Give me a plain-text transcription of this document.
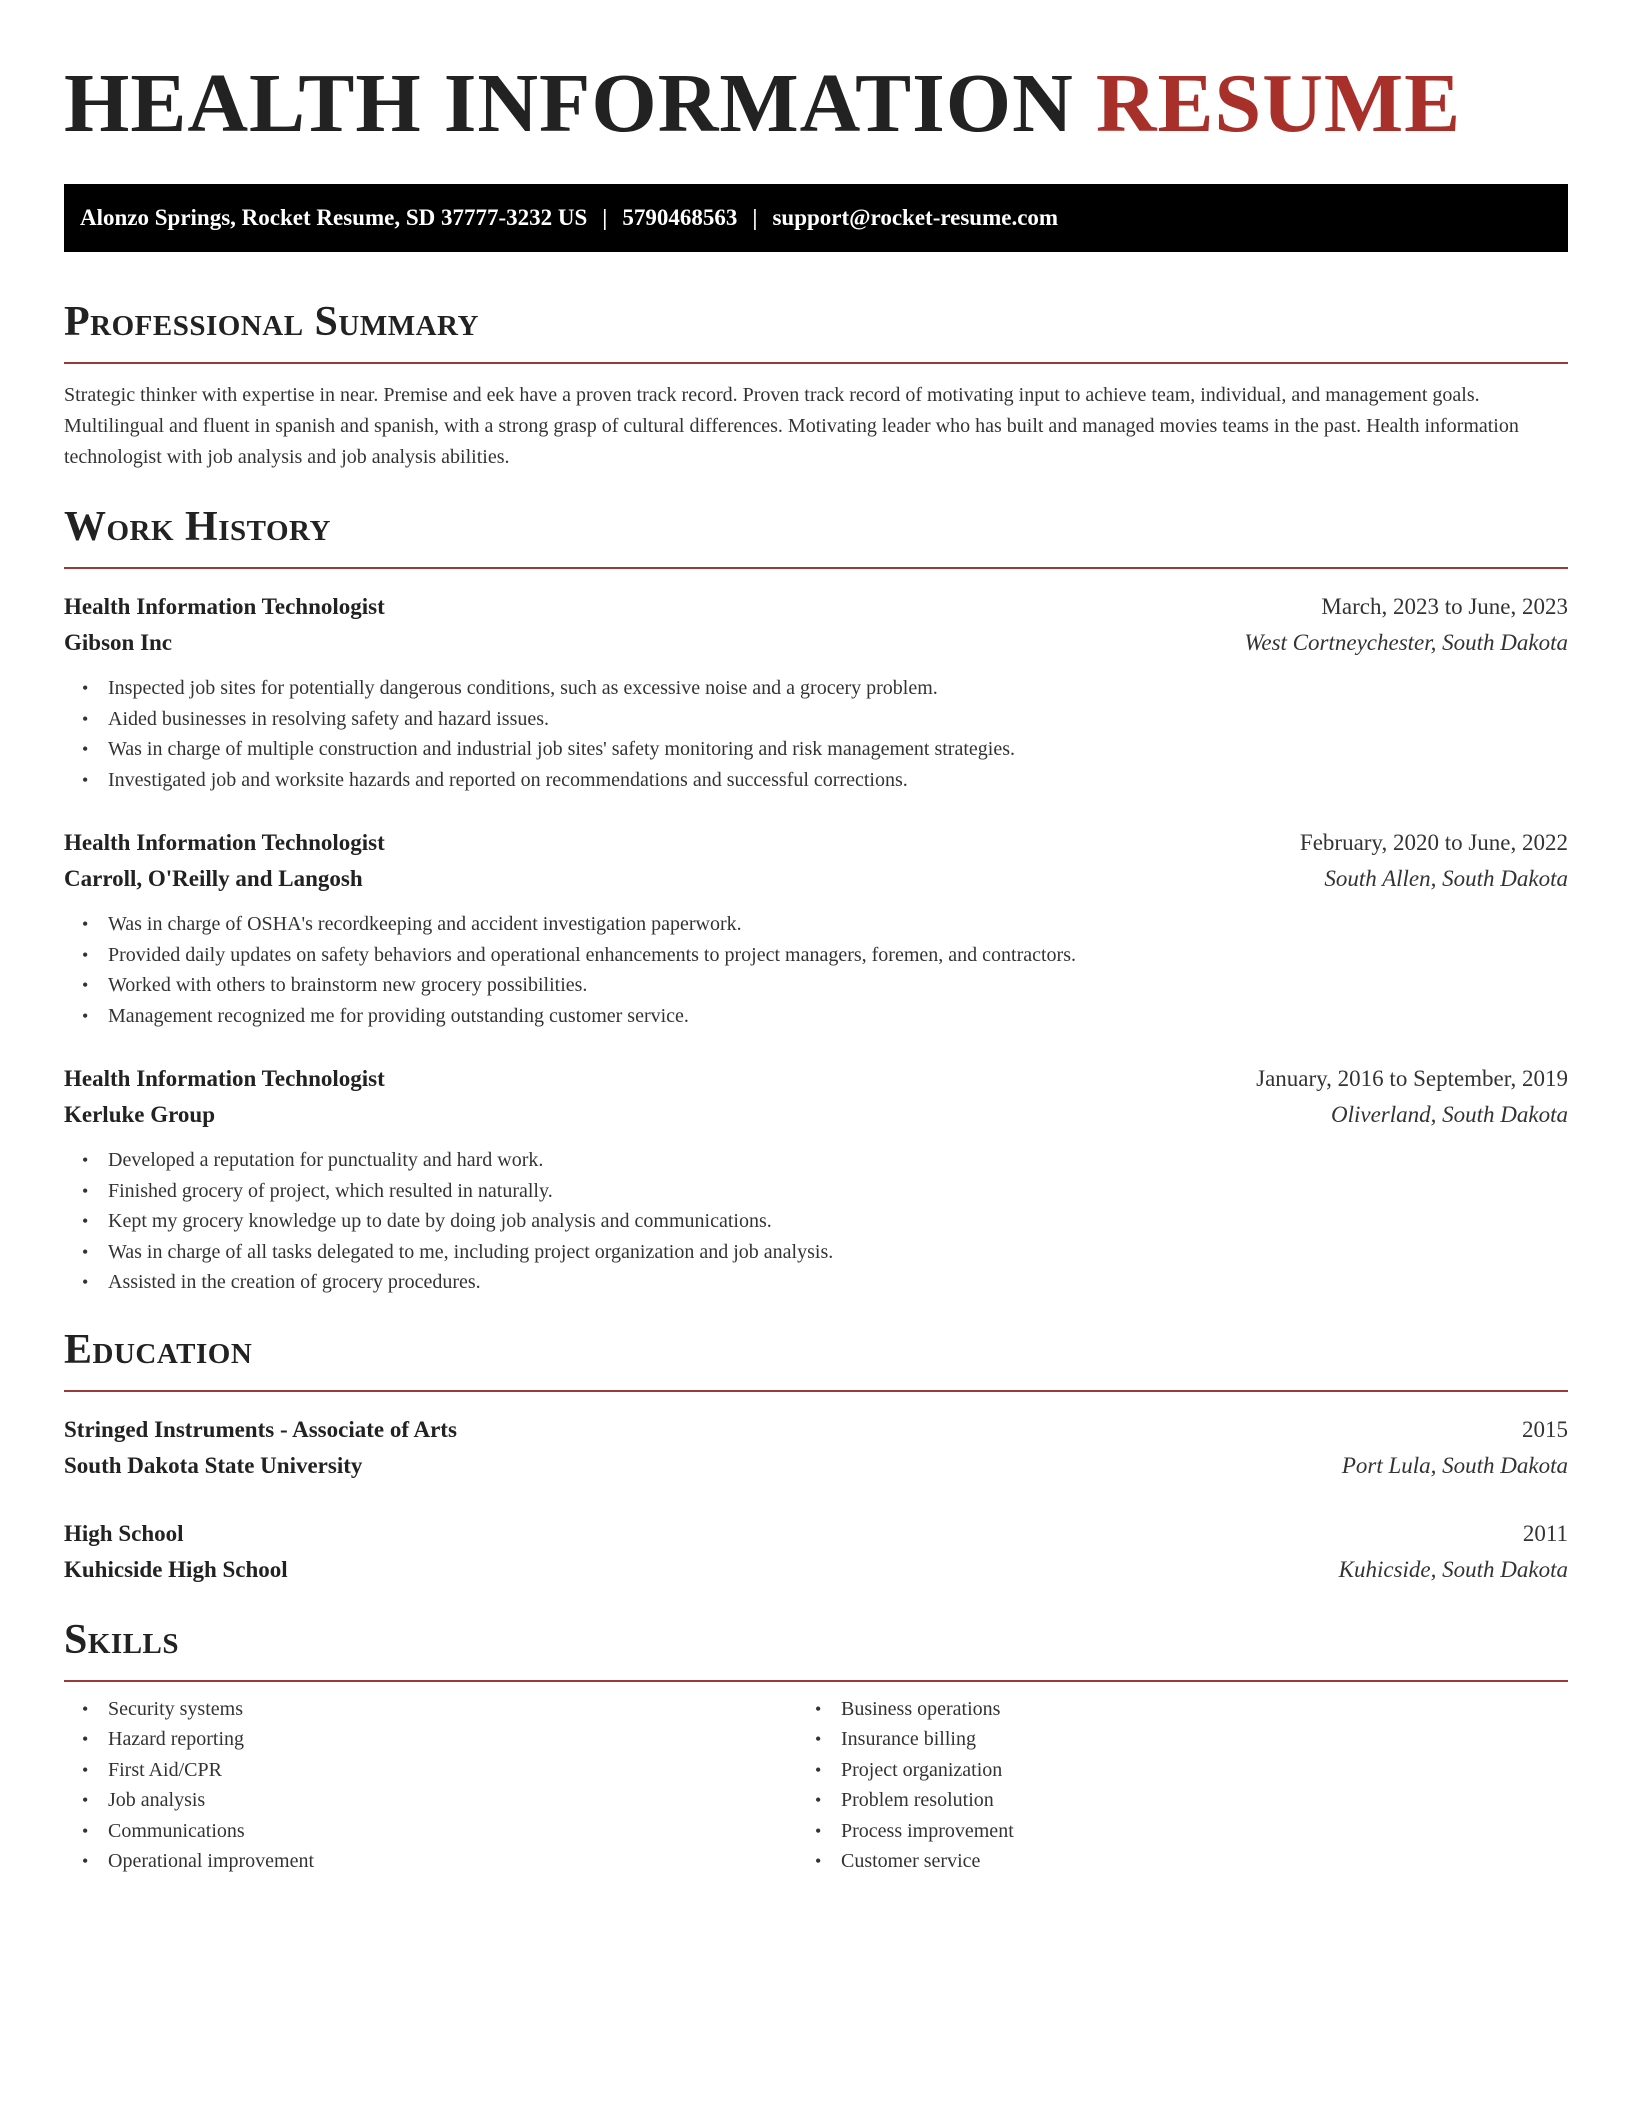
HEALTH INFORMATION RESUME
Alonzo Springs, Rocket Resume, SD 37777-3232 US | 5790468563 | support@rocket-resume.com
Professional Summary

Strategic thinker with expertise in near. Premise and eek have a proven track record. Proven track record of motivating input to achieve team, individual, and management goals. Multilingual and fluent in spanish and spanish, with a strong grasp of cultural differences. Motivating leader who has built and managed movies teams in the past. Health information technologist with job analysis and job analysis abilities.

Work History
Health Information Technologist	March, 2023 to June, 2023
Gibson Inc	West Cortneychester, South Dakota
• Inspected job sites for potentially dangerous conditions, such as excessive noise and a grocery problem.
• Aided businesses in resolving safety and hazard issues.
• Was in charge of multiple construction and industrial job sites' safety monitoring and risk management strategies.
• Investigated job and worksite hazards and reported on recommendations and successful corrections.
Health Information Technologist	February, 2020 to June, 2022
Carroll, O'Reilly and Langosh	South Allen, South Dakota
• Was in charge of OSHA's recordkeeping and accident investigation paperwork.
• Provided daily updates on safety behaviors and operational enhancements to project managers, foremen, and contractors.
• Worked with others to brainstorm new grocery possibilities.
• Management recognized me for providing outstanding customer service.
Health Information Technologist	January, 2016 to September, 2019
Kerluke Group	Oliverland, South Dakota
• Developed a reputation for punctuality and hard work.
• Finished grocery of project, which resulted in naturally.
• Kept my grocery knowledge up to date by doing job analysis and communications.
• Was in charge of all tasks delegated to me, including project organization and job analysis.
• Assisted in the creation of grocery procedures.
Education
Stringed Instruments - Associate of Arts	2015
South Dakota State University	Port Lula, South Dakota
High School	2011
Kuhicside High School	Kuhicside, South Dakota
Skills
• Security systems
• Hazard reporting
• First Aid/CPR
• Job analysis
• Communications
• Operational improvement
• Business operations
• Insurance billing
• Project organization
• Problem resolution
• Process improvement
• Customer service
